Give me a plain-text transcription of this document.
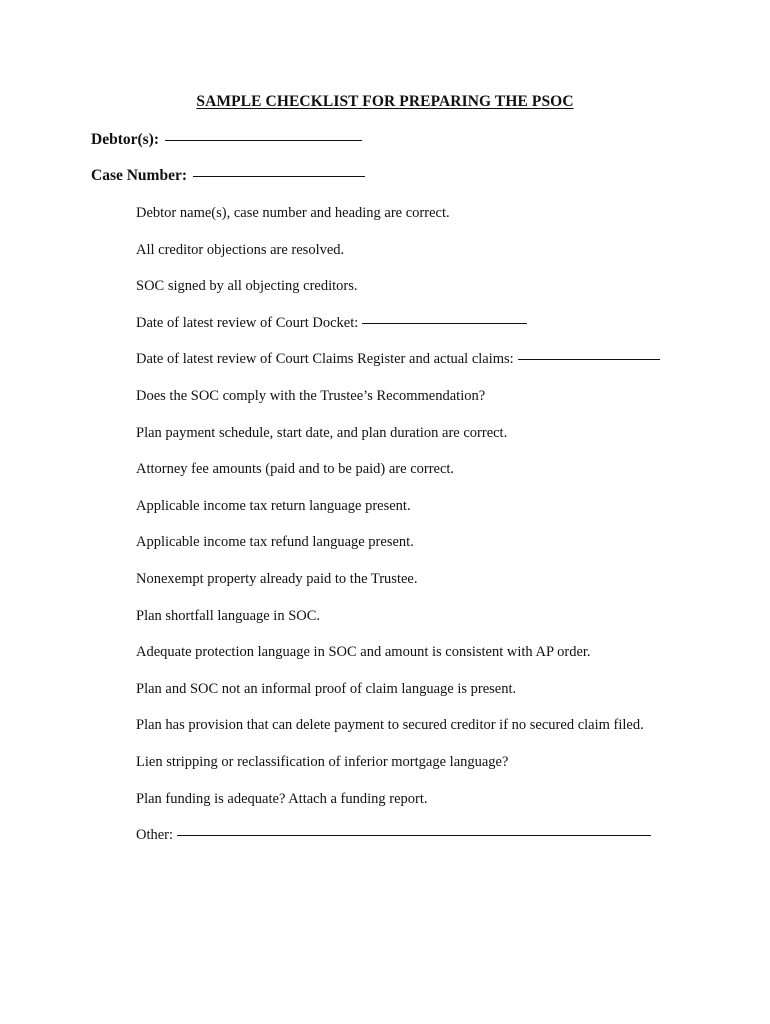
SAMPLE CHECKLIST FOR PREPARING THE PSOC
Debtor(s):
Case Number:
Debtor name(s), case number and heading are correct.
All creditor objections are resolved.
SOC signed by all objecting creditors.
Date of latest review of Court Docket:
Date of latest review of Court Claims Register and actual claims:
Does the SOC comply with the Trustee’s Recommendation?
Plan payment schedule, start date, and plan duration are correct.
Attorney fee amounts (paid and to be paid) are correct.
Applicable income tax return language present.
Applicable income tax refund language present.
Nonexempt property already paid to the Trustee.
Plan shortfall language in SOC.
Adequate protection language in SOC and amount is consistent with AP order.
Plan and SOC not an informal proof of claim language is present.
Plan has provision that can delete payment to secured creditor if no secured claim filed.
Lien stripping or reclassification of inferior mortgage language?
Plan funding is adequate? Attach a funding report.
Other:
